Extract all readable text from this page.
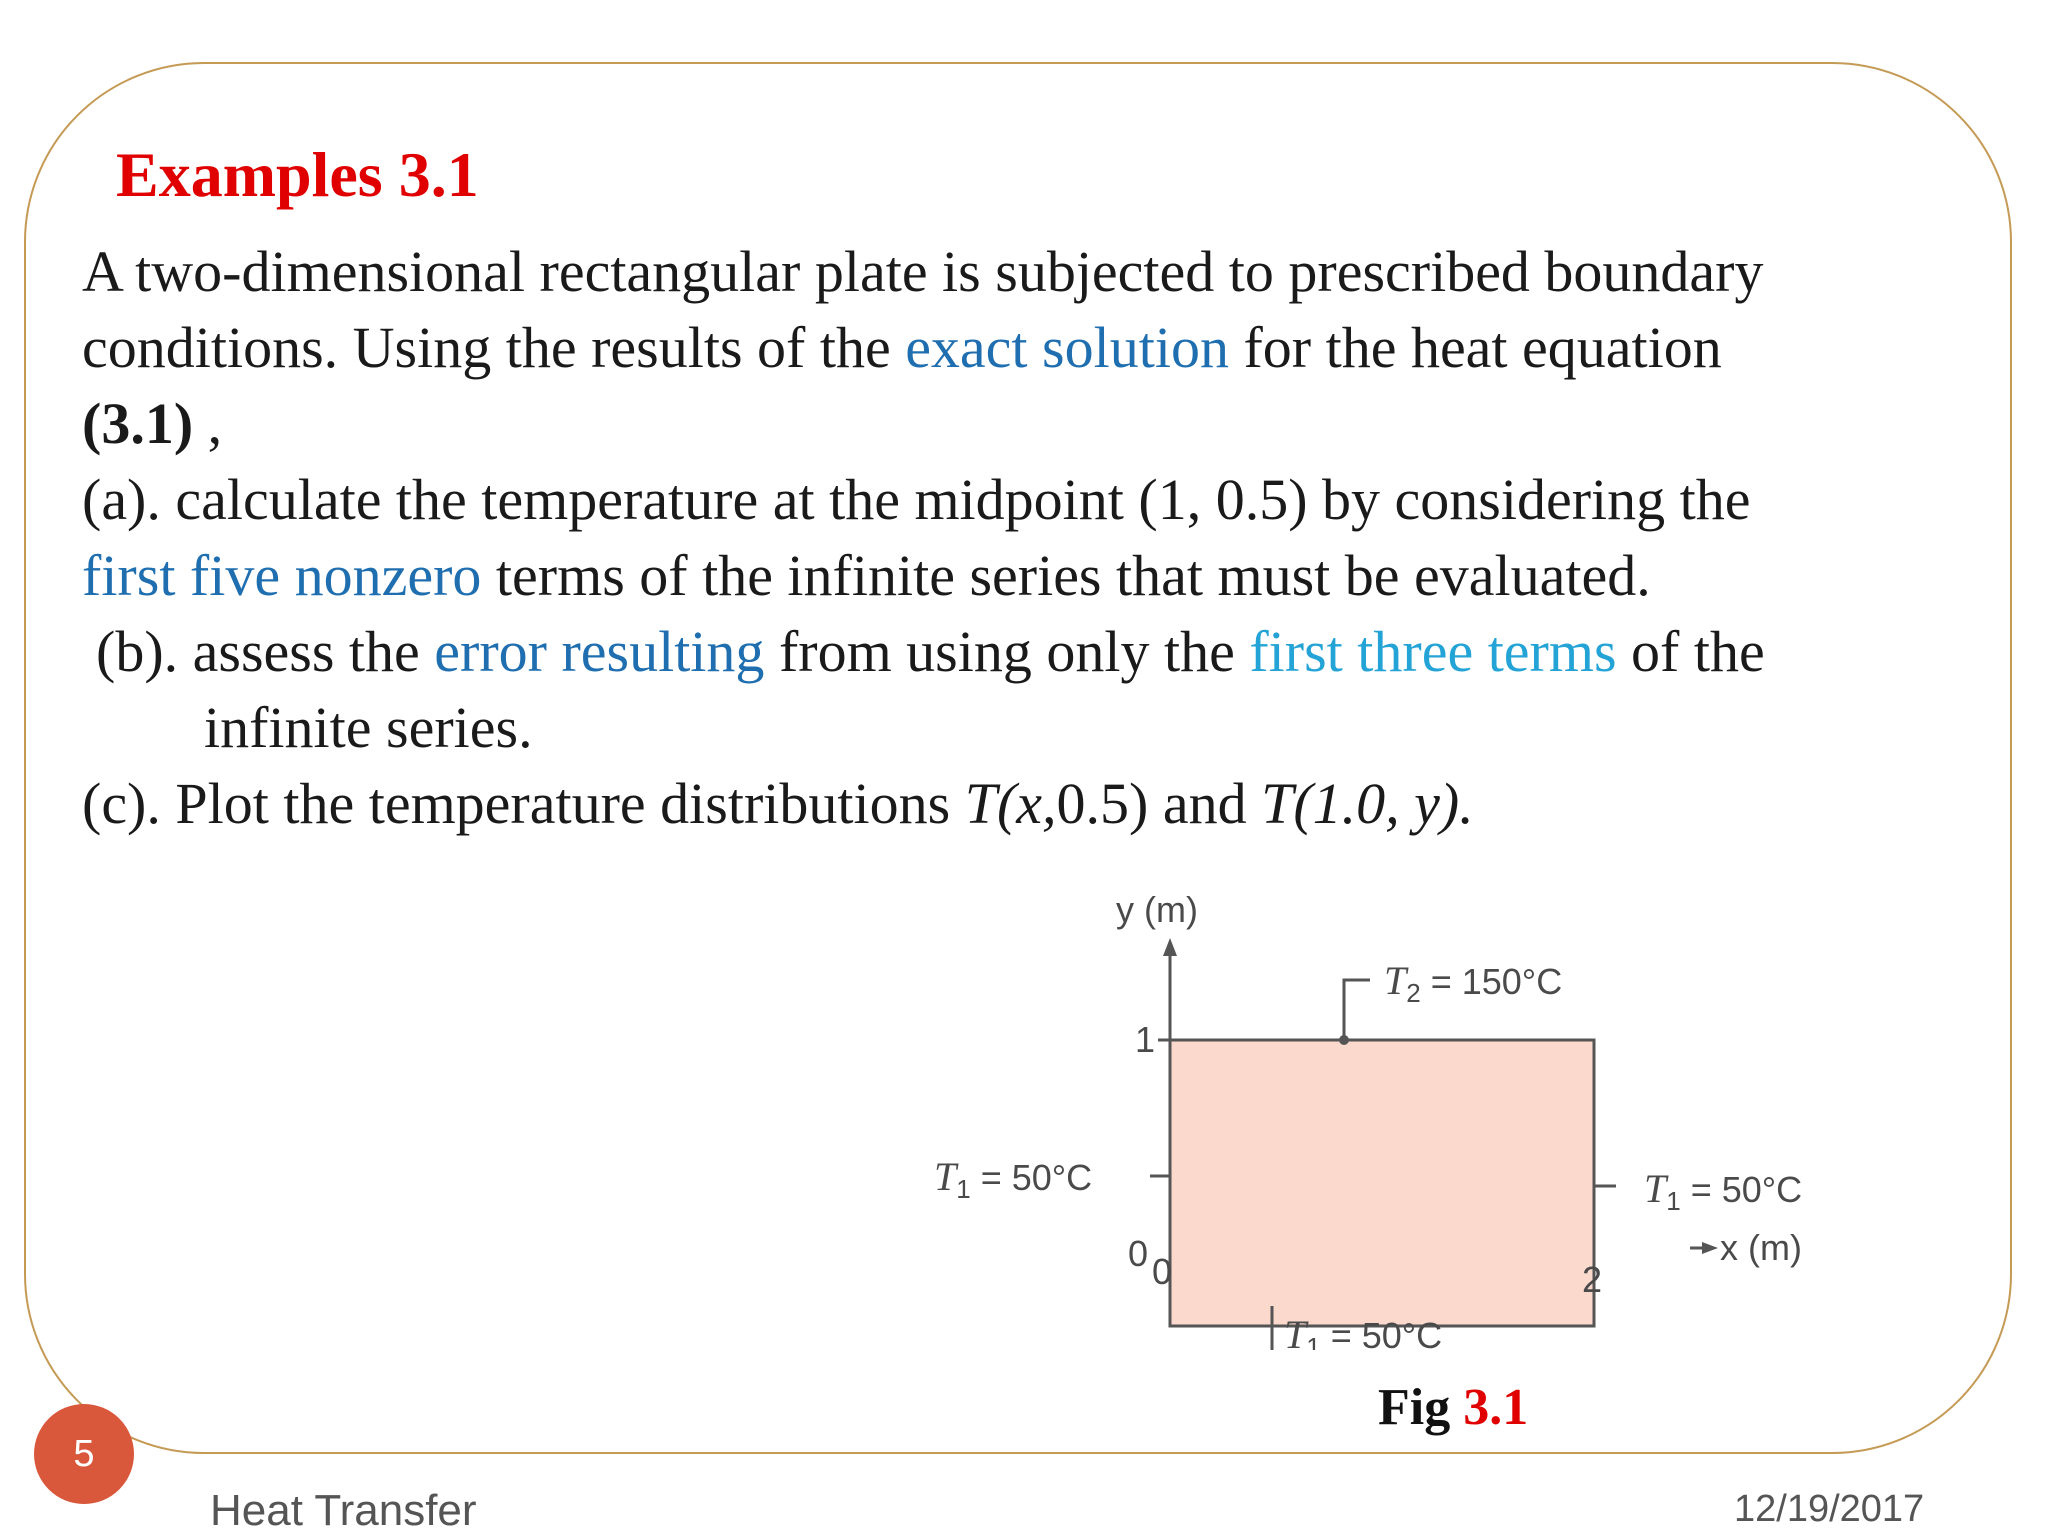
Examples 3.1

A two-dimensional rectangular plate is subjected to prescribed boundary

conditions. Using the results of the exact solution for the heat equation

(3.1) ,

(a). calculate the temperature at the midpoint (1, 0.5) by considering the

first five nonzero terms of the infinite series that must be evaluated.

(b). assess the error resulting from using only the first three terms of the

infinite series.

(c). Plot the temperature distributions T(x,0.5) and T(1.0, y).

y (m)
1
0 0	2
x (m)
T2 = 150°C
T1 = 50°C	T1 = 50°C
T1 = 50°C
Fig 3.1
5
Heat Transfer	12/19/2017
